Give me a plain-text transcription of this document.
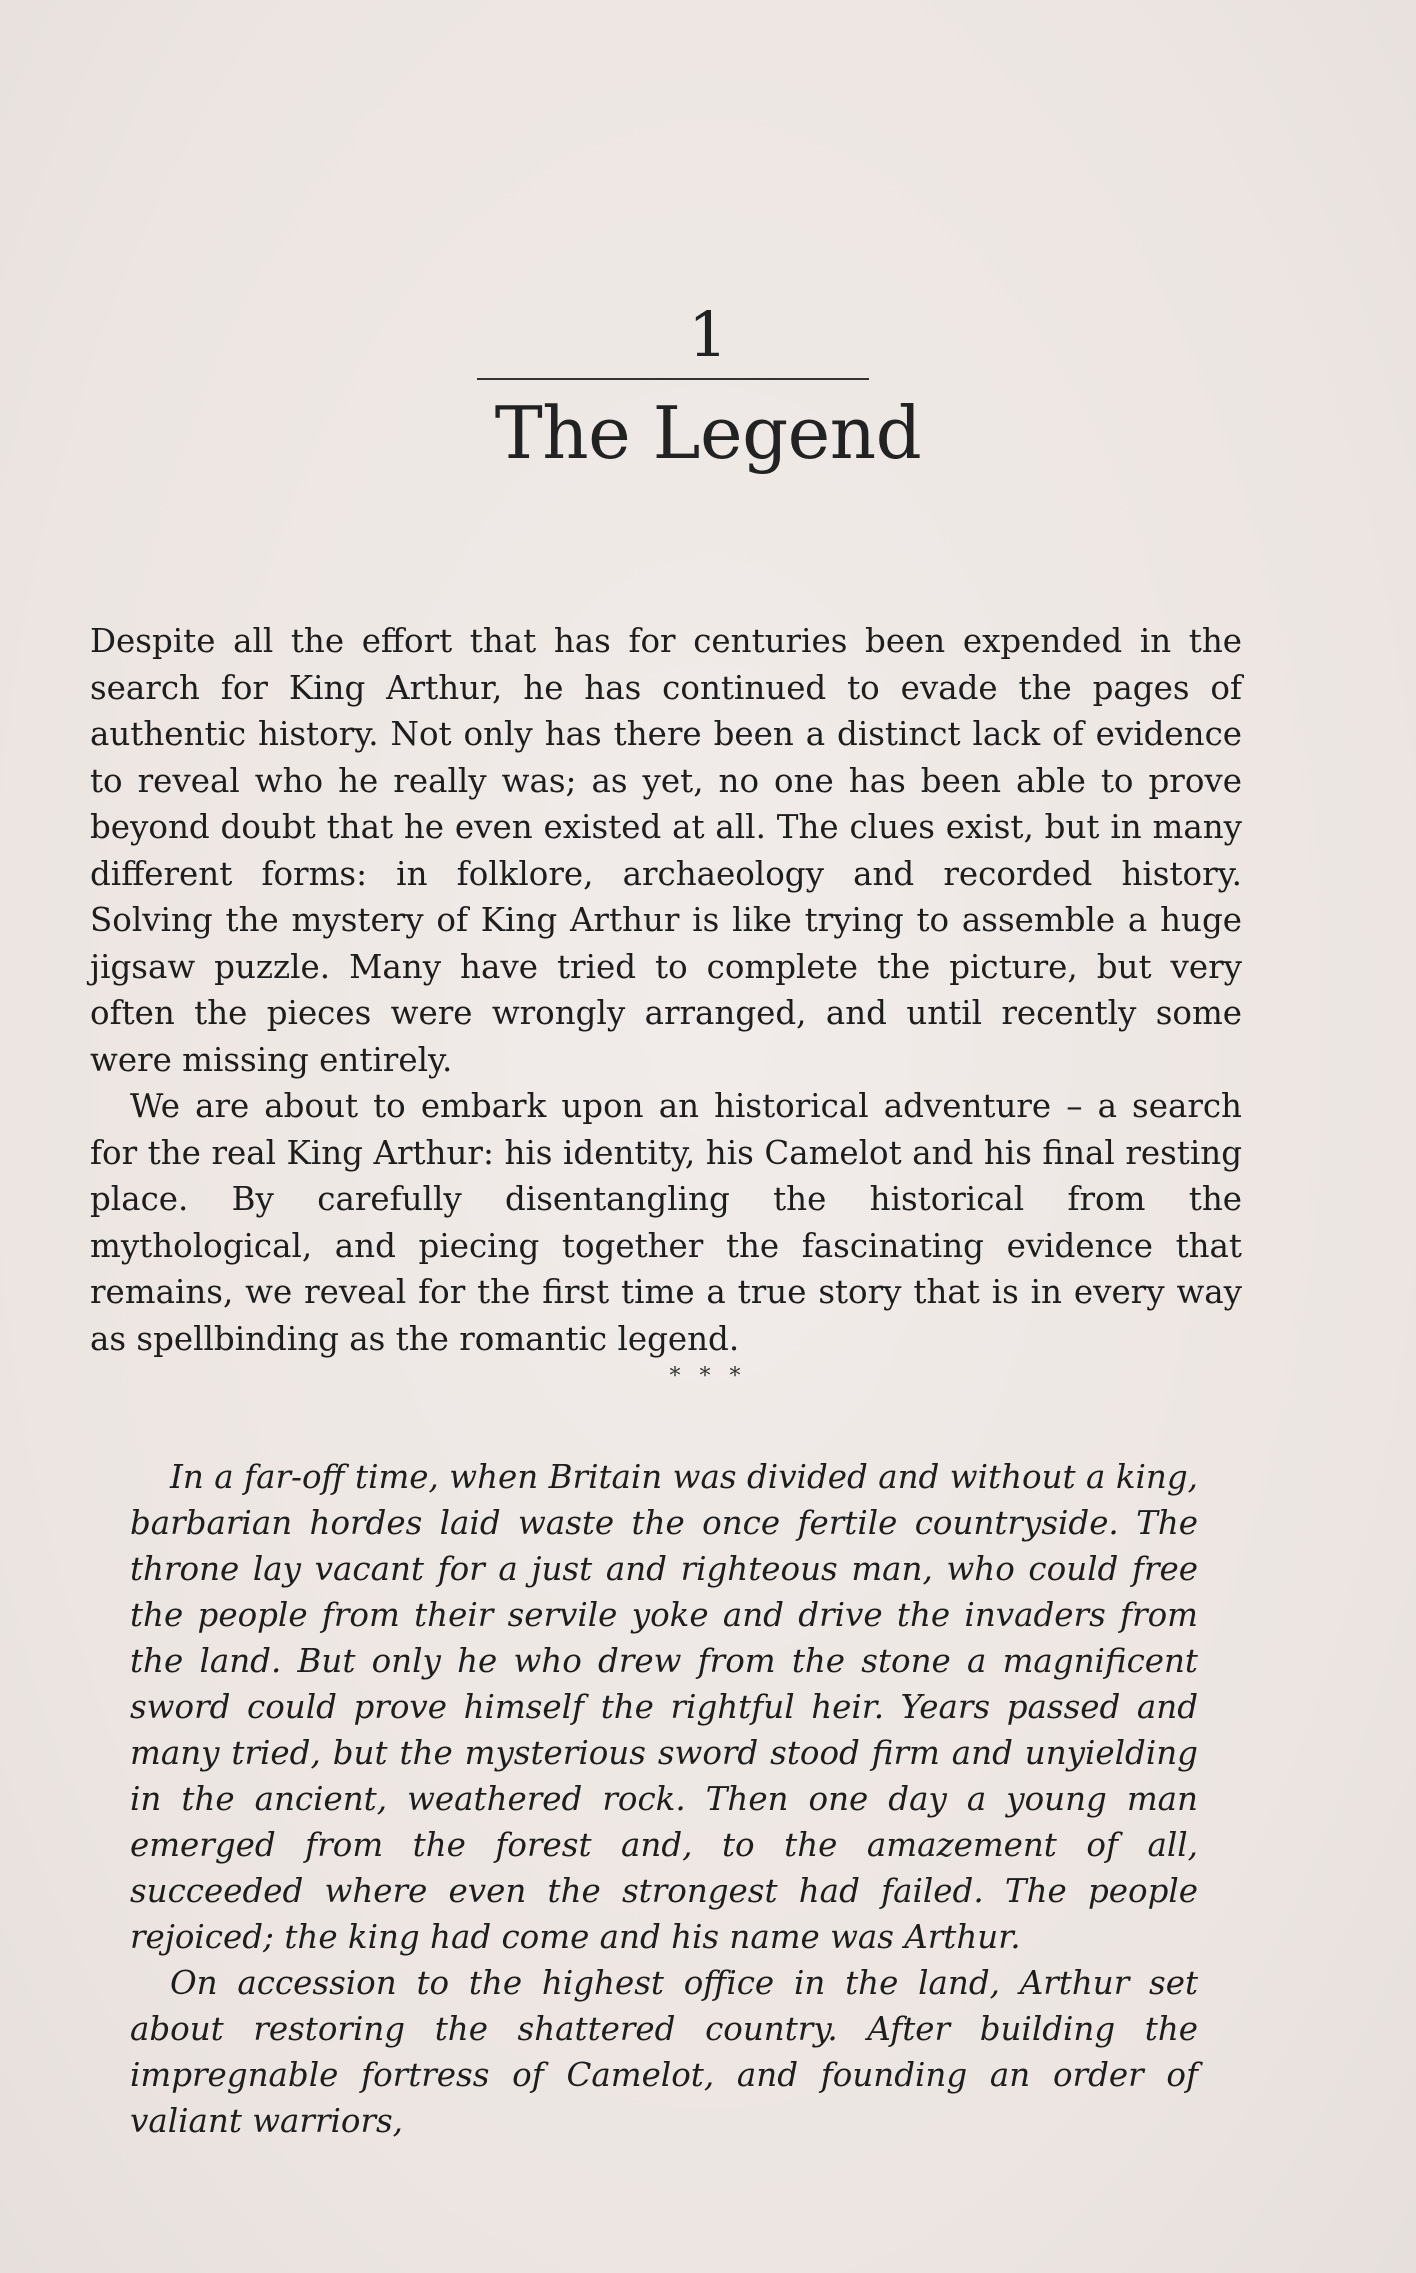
1
The Legend

Despite all the effort that has for centuries been expended in the search for King Arthur, he has continued to evade the pages of authentic history. Not only has there been a distinct lack of evidence to reveal who he really was; as yet, no one has been able to prove beyond doubt that he even existed at all. The clues exist, but in many different forms: in folklore, archaeology and recorded history. Solving the mystery of King Arthur is like trying to assemble a huge jigsaw puzzle. Many have tried to complete the picture, but very often the pieces were wrongly arranged, and until recently some were missing entirely.

We are about to embark upon an historical adventure – a search for the real King Arthur: his identity, his Camelot and his final resting place. By carefully disentangling the historical from the mythological, and piecing together the fascinating evidence that remains, we reveal for the first time a true story that is in every way as spellbinding as the romantic legend.

* * *

In a far-off time, when Britain was divided and without a king, barbarian hordes laid waste the once fertile countryside. The throne lay vacant for a just and righteous man, who could free the people from their servile yoke and drive the invaders from the land. But only he who drew from the stone a magnificent sword could prove himself the rightful heir. Years passed and many tried, but the mysterious sword stood firm and unyielding in the ancient, weathered rock. Then one day a young man emerged from the forest and, to the amazement of all, succeeded where even the strongest had failed. The people rejoiced; the king had come and his name was Arthur.

On accession to the highest office in the land, Arthur set about restoring the shattered country. After building the impregnable fortress of Camelot, and founding an order of valiant warriors,
